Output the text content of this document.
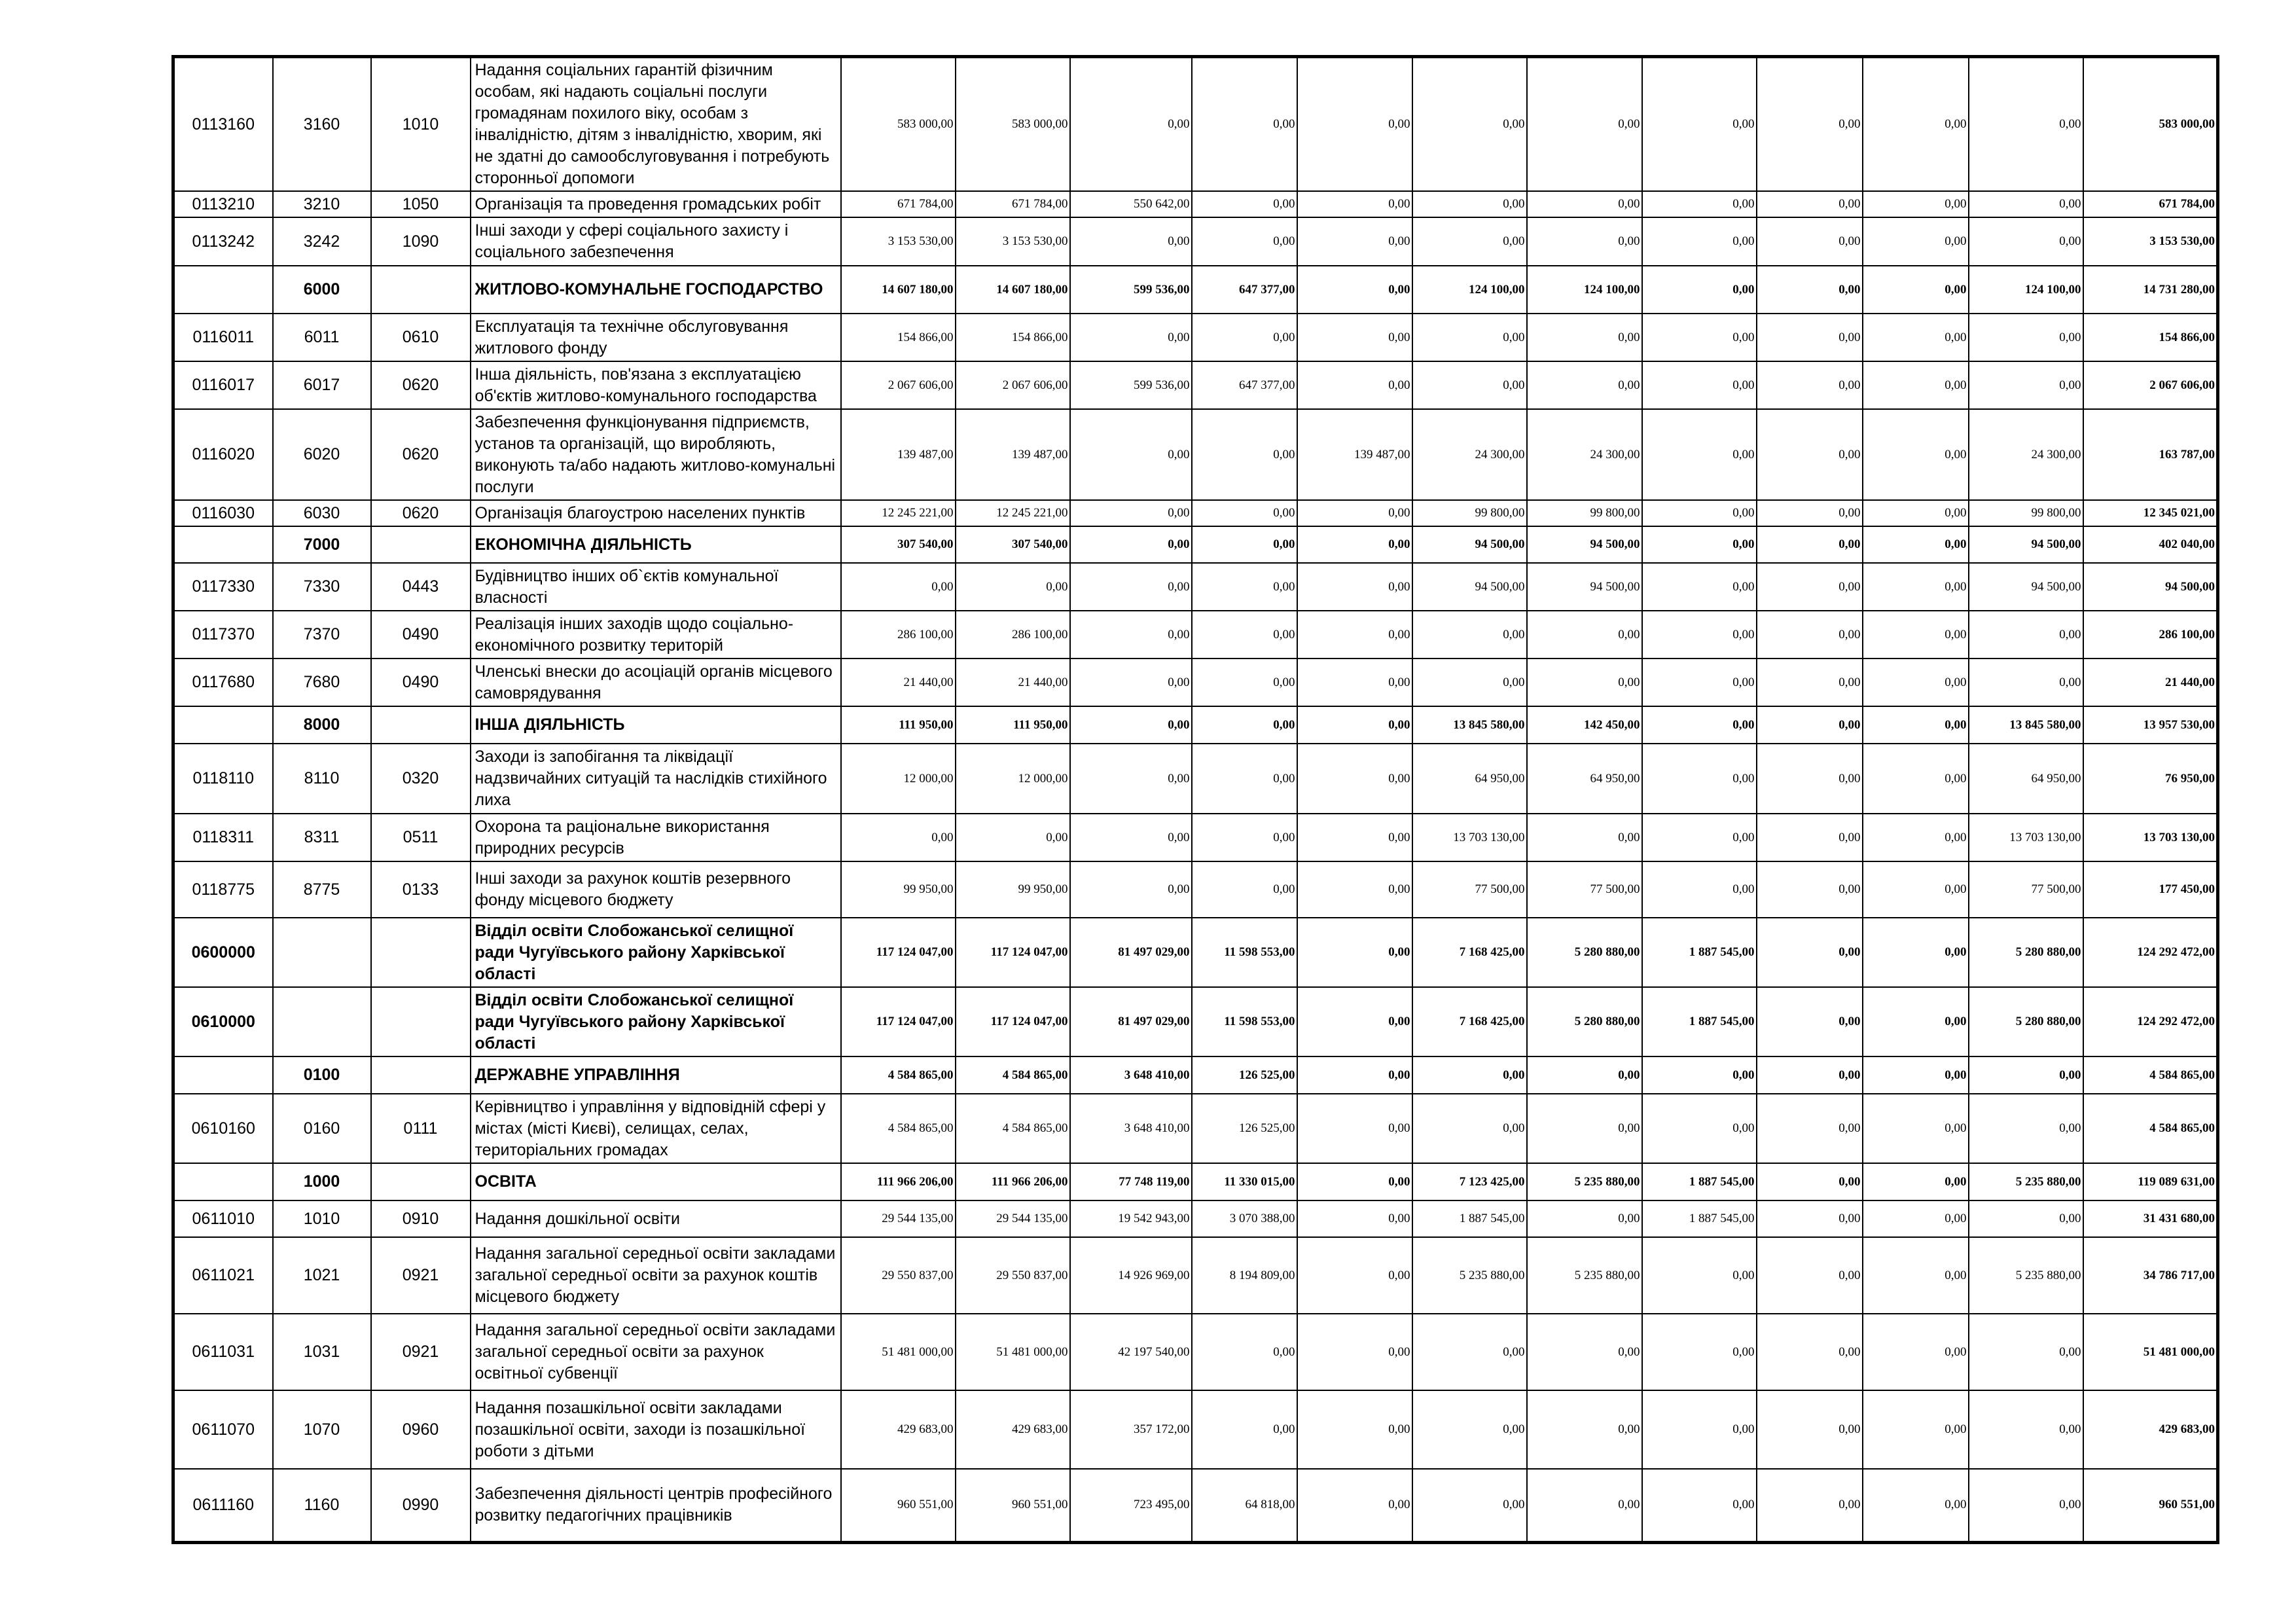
0113160	3160	1010	Надання соціальних гарантій фізичним особам, які надають соціальні послуги громадянам похилого віку, особам з інвалідністю, дітям з інвалідністю, хворим, які не здатні до самообслуговування і потребують сторонньої допомоги	583 000,00	583 000,00	0,00	0,00	0,00	0,00	0,00	0,00	0,00	0,00	0,00	583 000,00
0113210	3210	1050	Організація та проведення громадських робіт	671 784,00	671 784,00	550 642,00	0,00	0,00	0,00	0,00	0,00	0,00	0,00	0,00	671 784,00
0113242	3242	1090	Інші заходи у сфері соціального захисту і соціального забезпечення	3 153 530,00	3 153 530,00	0,00	0,00	0,00	0,00	0,00	0,00	0,00	0,00	0,00	3 153 530,00
	6000		ЖИТЛОВО-КОМУНАЛЬНЕ ГОСПОДАРСТВО	14 607 180,00	14 607 180,00	599 536,00	647 377,00	0,00	124 100,00	124 100,00	0,00	0,00	0,00	124 100,00	14 731 280,00
0116011	6011	0610	Експлуатація та технічне обслуговування житлового фонду	154 866,00	154 866,00	0,00	0,00	0,00	0,00	0,00	0,00	0,00	0,00	0,00	154 866,00
0116017	6017	0620	Інша діяльність, пов'язана з експлуатацією об'єктів житлово-комунального господарства	2 067 606,00	2 067 606,00	599 536,00	647 377,00	0,00	0,00	0,00	0,00	0,00	0,00	0,00	2 067 606,00
0116020	6020	0620	Забезпечення функціонування підприємств, установ та організацій, що виробляють, виконують та/або надають житлово-комунальні послуги	139 487,00	139 487,00	0,00	0,00	139 487,00	24 300,00	24 300,00	0,00	0,00	0,00	24 300,00	163 787,00
0116030	6030	0620	Організація благоустрою населених пунктів	12 245 221,00	12 245 221,00	0,00	0,00	0,00	99 800,00	99 800,00	0,00	0,00	0,00	99 800,00	12 345 021,00
	7000		ЕКОНОМІЧНА ДІЯЛЬНІСТЬ	307 540,00	307 540,00	0,00	0,00	0,00	94 500,00	94 500,00	0,00	0,00	0,00	94 500,00	402 040,00
0117330	7330	0443	Будівництво інших об`єктів комунальної власності	0,00	0,00	0,00	0,00	0,00	94 500,00	94 500,00	0,00	0,00	0,00	94 500,00	94 500,00
0117370	7370	0490	Реалізація інших заходів щодо соціально-економічного розвитку територій	286 100,00	286 100,00	0,00	0,00	0,00	0,00	0,00	0,00	0,00	0,00	0,00	286 100,00
0117680	7680	0490	Членські внески до асоціацій органів місцевого самоврядування	21 440,00	21 440,00	0,00	0,00	0,00	0,00	0,00	0,00	0,00	0,00	0,00	21 440,00
	8000		ІНША ДІЯЛЬНІСТЬ	111 950,00	111 950,00	0,00	0,00	0,00	13 845 580,00	142 450,00	0,00	0,00	0,00	13 845 580,00	13 957 530,00
0118110	8110	0320	Заходи із запобігання та ліквідації надзвичайних ситуацій та наслідків стихійного лиха	12 000,00	12 000,00	0,00	0,00	0,00	64 950,00	64 950,00	0,00	0,00	0,00	64 950,00	76 950,00
0118311	8311	0511	Охорона та раціональне використання природних ресурсів	0,00	0,00	0,00	0,00	0,00	13 703 130,00	0,00	0,00	0,00	0,00	13 703 130,00	13 703 130,00
0118775	8775	0133	Інші заходи за рахунок коштів резервного фонду місцевого бюджету	99 950,00	99 950,00	0,00	0,00	0,00	77 500,00	77 500,00	0,00	0,00	0,00	77 500,00	177 450,00
0600000			Відділ освіти Слобожанської селищної ради Чугуївського району Харківської області	117 124 047,00	117 124 047,00	81 497 029,00	11 598 553,00	0,00	7 168 425,00	5 280 880,00	1 887 545,00	0,00	0,00	5 280 880,00	124 292 472,00
0610000			Відділ освіти Слобожанської селищної ради Чугуївського району Харківської області	117 124 047,00	117 124 047,00	81 497 029,00	11 598 553,00	0,00	7 168 425,00	5 280 880,00	1 887 545,00	0,00	0,00	5 280 880,00	124 292 472,00
	0100		ДЕРЖАВНЕ УПРАВЛІННЯ	4 584 865,00	4 584 865,00	3 648 410,00	126 525,00	0,00	0,00	0,00	0,00	0,00	0,00	0,00	4 584 865,00
0610160	0160	0111	Керівництво і управління у відповідній сфері у містах (місті Києві), селищах, селах, територіальних громадах	4 584 865,00	4 584 865,00	3 648 410,00	126 525,00	0,00	0,00	0,00	0,00	0,00	0,00	0,00	4 584 865,00
	1000		ОСВІТА	111 966 206,00	111 966 206,00	77 748 119,00	11 330 015,00	0,00	7 123 425,00	5 235 880,00	1 887 545,00	0,00	0,00	5 235 880,00	119 089 631,00
0611010	1010	0910	Надання дошкільної освіти	29 544 135,00	29 544 135,00	19 542 943,00	3 070 388,00	0,00	1 887 545,00	0,00	1 887 545,00	0,00	0,00	0,00	31 431 680,00
0611021	1021	0921	Надання загальної середньої освіти закладами загальної середньої освіти за рахунок коштів місцевого бюджету	29 550 837,00	29 550 837,00	14 926 969,00	8 194 809,00	0,00	5 235 880,00	5 235 880,00	0,00	0,00	0,00	5 235 880,00	34 786 717,00
0611031	1031	0921	Надання загальної середньої освіти закладами загальної середньої освіти за рахунок освітньої субвенції	51 481 000,00	51 481 000,00	42 197 540,00	0,00	0,00	0,00	0,00	0,00	0,00	0,00	0,00	51 481 000,00
0611070	1070	0960	Надання позашкільної освіти закладами позашкільної освіти, заходи із позашкільної роботи з дітьми	429 683,00	429 683,00	357 172,00	0,00	0,00	0,00	0,00	0,00	0,00	0,00	0,00	429 683,00
0611160	1160	0990	Забезпечення діяльності центрів професійного розвитку педагогічних працівників	960 551,00	960 551,00	723 495,00	64 818,00	0,00	0,00	0,00	0,00	0,00	0,00	0,00	960 551,00
